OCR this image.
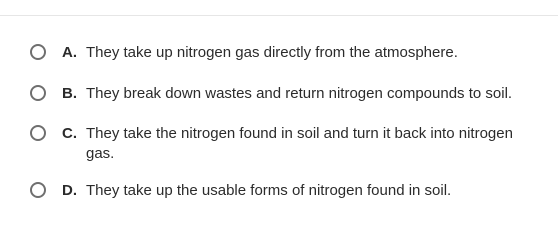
A. They take up nitrogen gas directly from the atmosphere.
B. They break down wastes and return nitrogen compounds to soil.
C. They take the nitrogen found in soil and turn it back into nitrogen gas.
D. They take up the usable forms of nitrogen found in soil.
